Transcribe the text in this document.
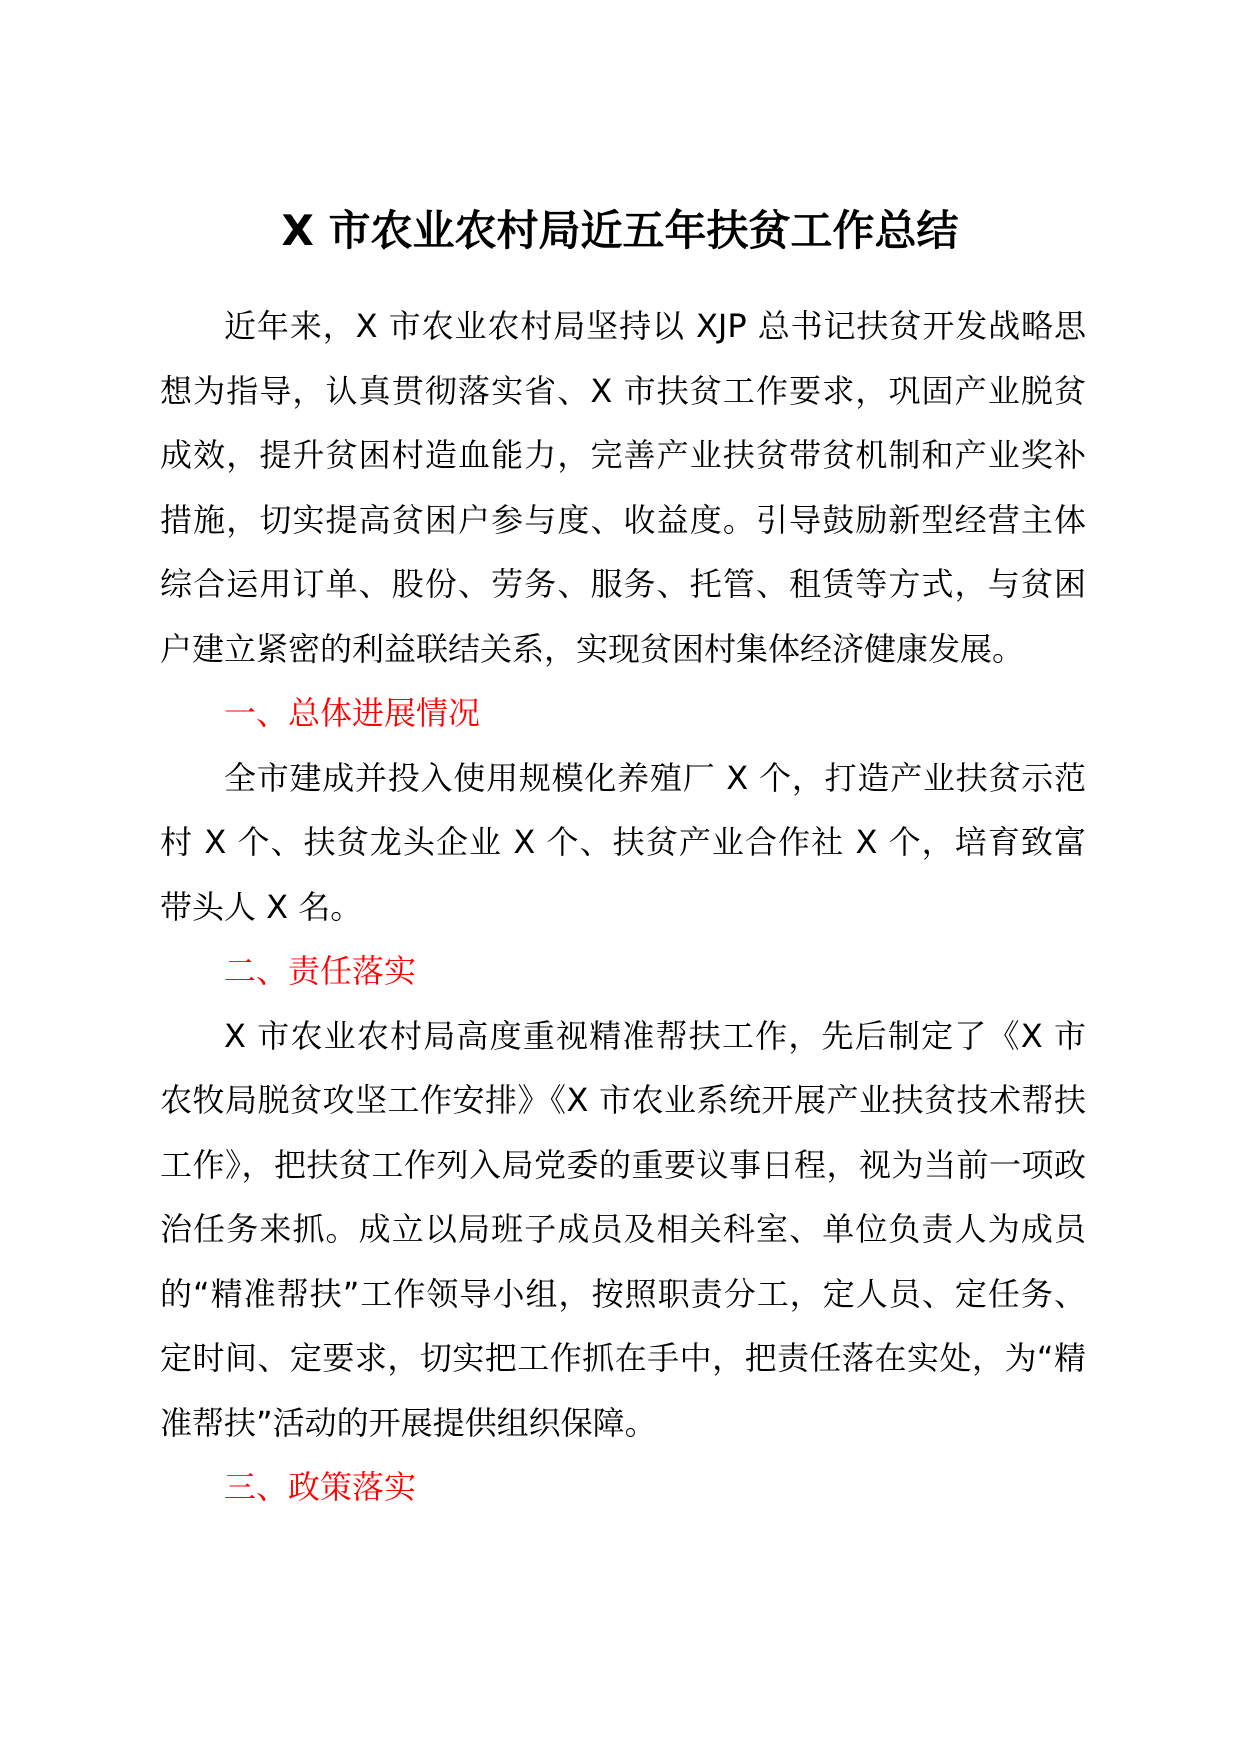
X 市农业农村局近五年扶贫工作总结

近年来，X 市农业农村局坚持以 XJP 总书记扶贫开发战略思想为指导，认真贯彻落实省、X 市扶贫工作要求，巩固产业脱贫成效，提升贫困村造血能力，完善产业扶贫带贫机制和产业奖补措施，切实提高贫困户参与度、收益度。引导鼓励新型经营主体综合运用订单、股份、劳务、服务、托管、租赁等方式，与贫困户建立紧密的利益联结关系，实现贫困村集体经济健康发展。

一、总体进展情况

全市建成并投入使用规模化养殖厂 X 个，打造产业扶贫示范村 X 个、扶贫龙头企业 X 个、扶贫产业合作社 X 个，培育致富带头人 X 名。

二、责任落实

X 市农业农村局高度重视精准帮扶工作，先后制定了《X 市农牧局脱贫攻坚工作安排》《X 市农业系统开展产业扶贫技术帮扶工作》，把扶贫工作列入局党委的重要议事日程，视为当前一项政治任务来抓。成立以局班子成员及相关科室、单位负责人为成员的“精准帮扶”工作领导小组，按照职责分工，定人员、定任务、定时间、定要求，切实把工作抓在手中，把责任落在实处，为“精准帮扶”活动的开展提供组织保障。

三、政策落实
